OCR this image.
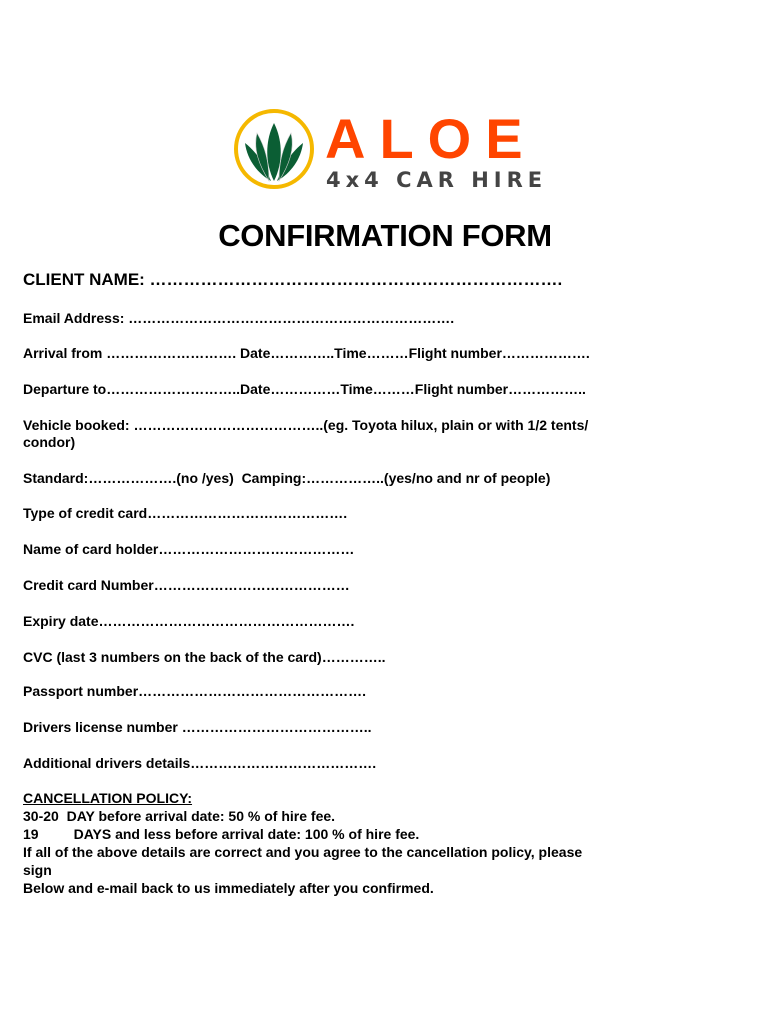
ALOE
4x4 CAR HIRE
CONFIRMATION FORM
CLIENT NAME: ……………………………………………………………….
Email Address: …………………………………………………………….
Arrival from ………………………. Date…………..Time………Flight number……………….
Departure to………………………..Date……………Time………Flight number……………..
Vehicle booked: …………………………………..(eg. Toyota hilux, plain or with 1/2 tents/
condor)
Standard:……………….(no /yes)  Camping:……………..(yes/no and nr of people)
Type of credit card…………………………………….
Name of card holder……………………………………
Credit card Number……………………………………
Expiry date……………………………………………….
CVC (last 3 numbers on the back of the card)…………..
Passport number………………………………………….
Drivers license number …………………………………..
Additional drivers details………………………………….
CANCELLATION POLICY:
30-20  DAY before arrival date: 50 % of hire fee.
19         DAYS and less before arrival date: 100 % of hire fee.
If all of the above details are correct and you agree to the cancellation policy, please
sign
Below and e-mail back to us immediately after you confirmed.
